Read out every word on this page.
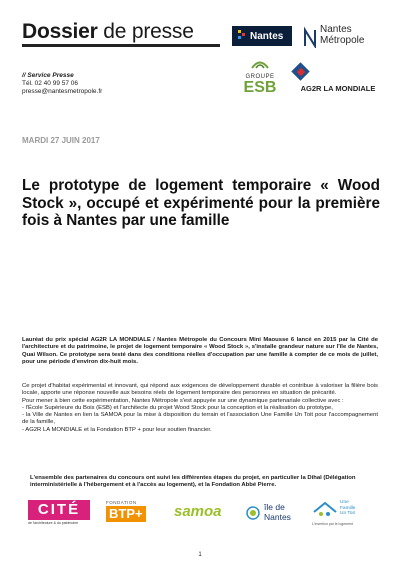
Dossier de presse	Nantes
Nantes
Métropole
GROUPE
ESB	AG2R LA MONDIALE
// Service Presse
Tél. 02 40 99 57 06
presse@nantesmetropole.fr
MARDI 27 JUIN 2017
Le prototype de logement temporaire « Wood Stock », occupé et expérimenté pour la première fois à Nantes par une famille

Lauréat du prix spécial AG2R LA MONDIALE / Nantes Métropole du Concours Mini Maousse 6 lancé en 2015 par la Cité de l'architecture et du patrimoine, le projet de logement temporaire « Wood Stock », s'installe grandeur nature sur l'île de Nantes, Quai Wilson. Ce prototype sera testé dans des conditions réelles d'occupation par une famille à compter de ce mois de juillet, pour une période d'environ dix-huit mois.

Ce projet d'habitat expérimental et innovant, qui répond aux exigences de développement durable et contribue à valoriser la filière bois locale, apporte une réponse nouvelle aux besoins réels de logement temporaire des personnes en situation de précarité.

Pour mener à bien cette expérimentation, Nantes Métropole s'est appuyée sur une dynamique partenariale collective avec :

- l'École Supérieure du Bois (ESB) et l'architecte du projet Wood Stock pour la conception et la réalisation du prototype,

- la Ville de Nantes en lien la SAMOA pour la mise à disposition du terrain et l'association Une Famille Un Toit pour l'accompagnement de la famille,

- AG2R LA MONDIALE et la Fondation BTP + pour leur soutien financier.

L'ensemble des partenaires du concours ont suivi les différentes étapes du projet, en particulier la Dihal (Délégation interministérielle à l'hébergement et à l'accès au logement), et la Fondation Abbé Pierre.

CITÉ
de l'architecture & du patrimoine
FONDATION
BTP+	samoa	île de
Nantes
Une
Famille
Un Toit
L'insertion par le logement
1
